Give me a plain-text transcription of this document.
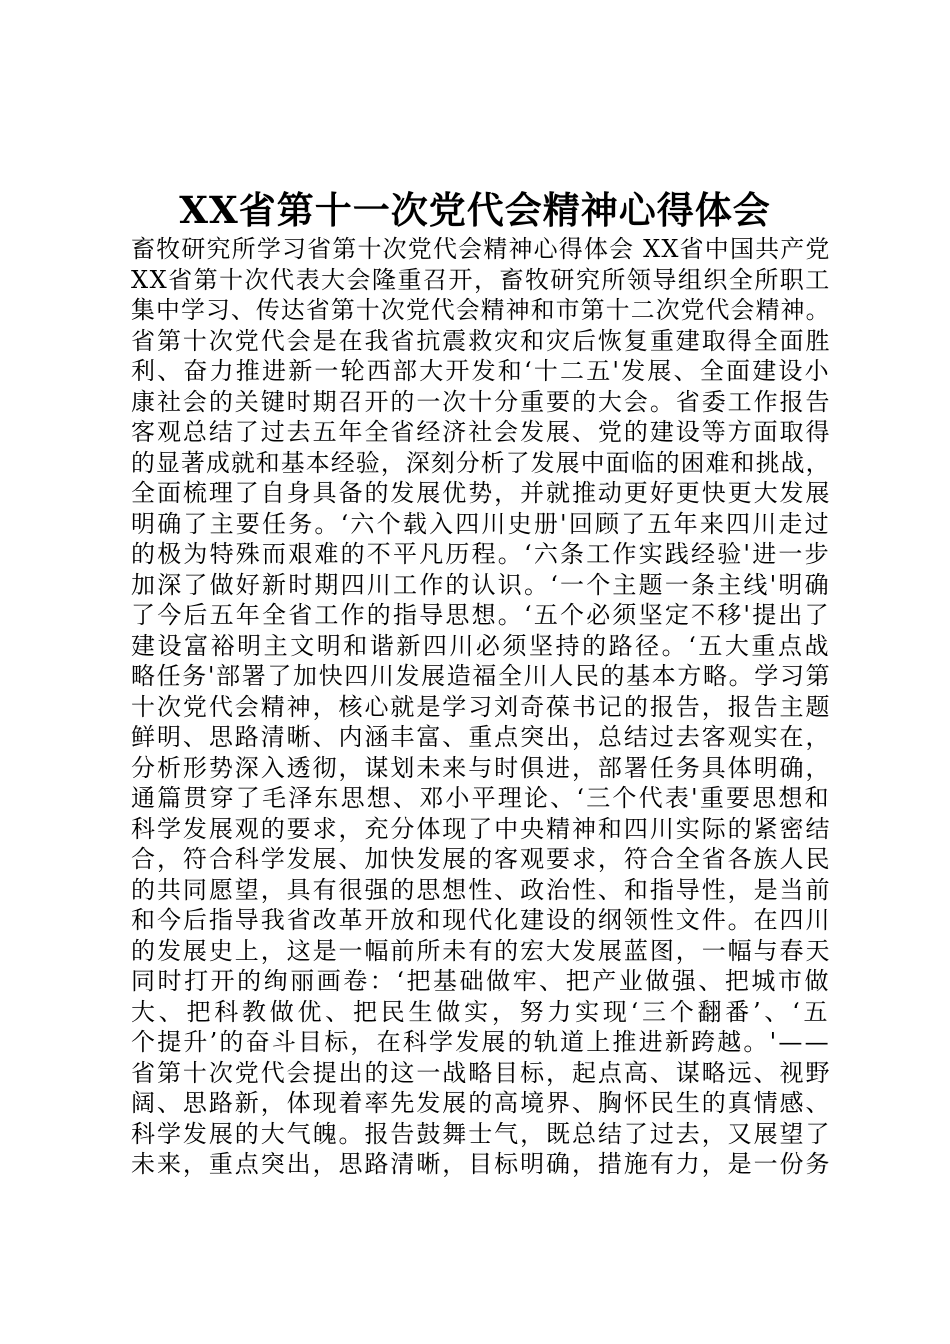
XX省第十一次党代会精神心得体会
畜牧研究所学习省第十次党代会精神心得体会 XX省中国共产党
XX省第十次代表大会隆重召开，畜牧研究所领导组织全所职工
集中学习、传达省第十次党代会精神和市第十二次党代会精神。
省第十次党代会是在我省抗震救灾和灾后恢复重建取得全面胜
利、奋力推进新一轮西部大开发和‘十二五'发展、全面建设小
康社会的关键时期召开的一次十分重要的大会。省委工作报告
客观总结了过去五年全省经济社会发展、党的建设等方面取得
的显著成就和基本经验，深刻分析了发展中面临的困难和挑战，
全面梳理了自身具备的发展优势，并就推动更好更快更大发展
明确了主要任务。‘六个载入四川史册'回顾了五年来四川走过
的极为特殊而艰难的不平凡历程。‘六条工作实践经验'进一步
加深了做好新时期四川工作的认识。‘一个主题一条主线'明确
了今后五年全省工作的指导思想。‘五个必须坚定不移'提出了
建设富裕明主文明和谐新四川必须坚持的路径。‘五大重点战
略任务'部署了加快四川发展造福全川人民的基本方略。学习第
十次党代会精神，核心就是学习刘奇葆书记的报告，报告主题
鲜明、思路清晰、内涵丰富、重点突出，总结过去客观实在，
分析形势深入透彻，谋划未来与时俱进，部署任务具体明确，
通篇贯穿了毛泽东思想、邓小平理论、‘三个代表'重要思想和
科学发展观的要求，充分体现了中央精神和四川实际的紧密结
合，符合科学发展、加快发展的客观要求，符合全省各族人民
的共同愿望，具有很强的思想性、政治性、和指导性，是当前
和今后指导我省改革开放和现代化建设的纲领性文件。在四川
的发展史上，这是一幅前所未有的宏大发展蓝图，一幅与春天
同时打开的绚丽画卷：‘把基础做牢、把产业做强、把城市做
大、把科教做优、把民生做实，努力实现‘三个翻番’、‘五
个提升’的奋斗目标，在科学发展的轨道上推进新跨越。'——
省第十次党代会提出的这一战略目标，起点高、谋略远、视野
阔、思路新，体现着率先发展的高境界、胸怀民生的真情感、
科学发展的大气魄。报告鼓舞士气，既总结了过去，又展望了
未来，重点突出，思路清晰，目标明确，措施有力，是一份务
